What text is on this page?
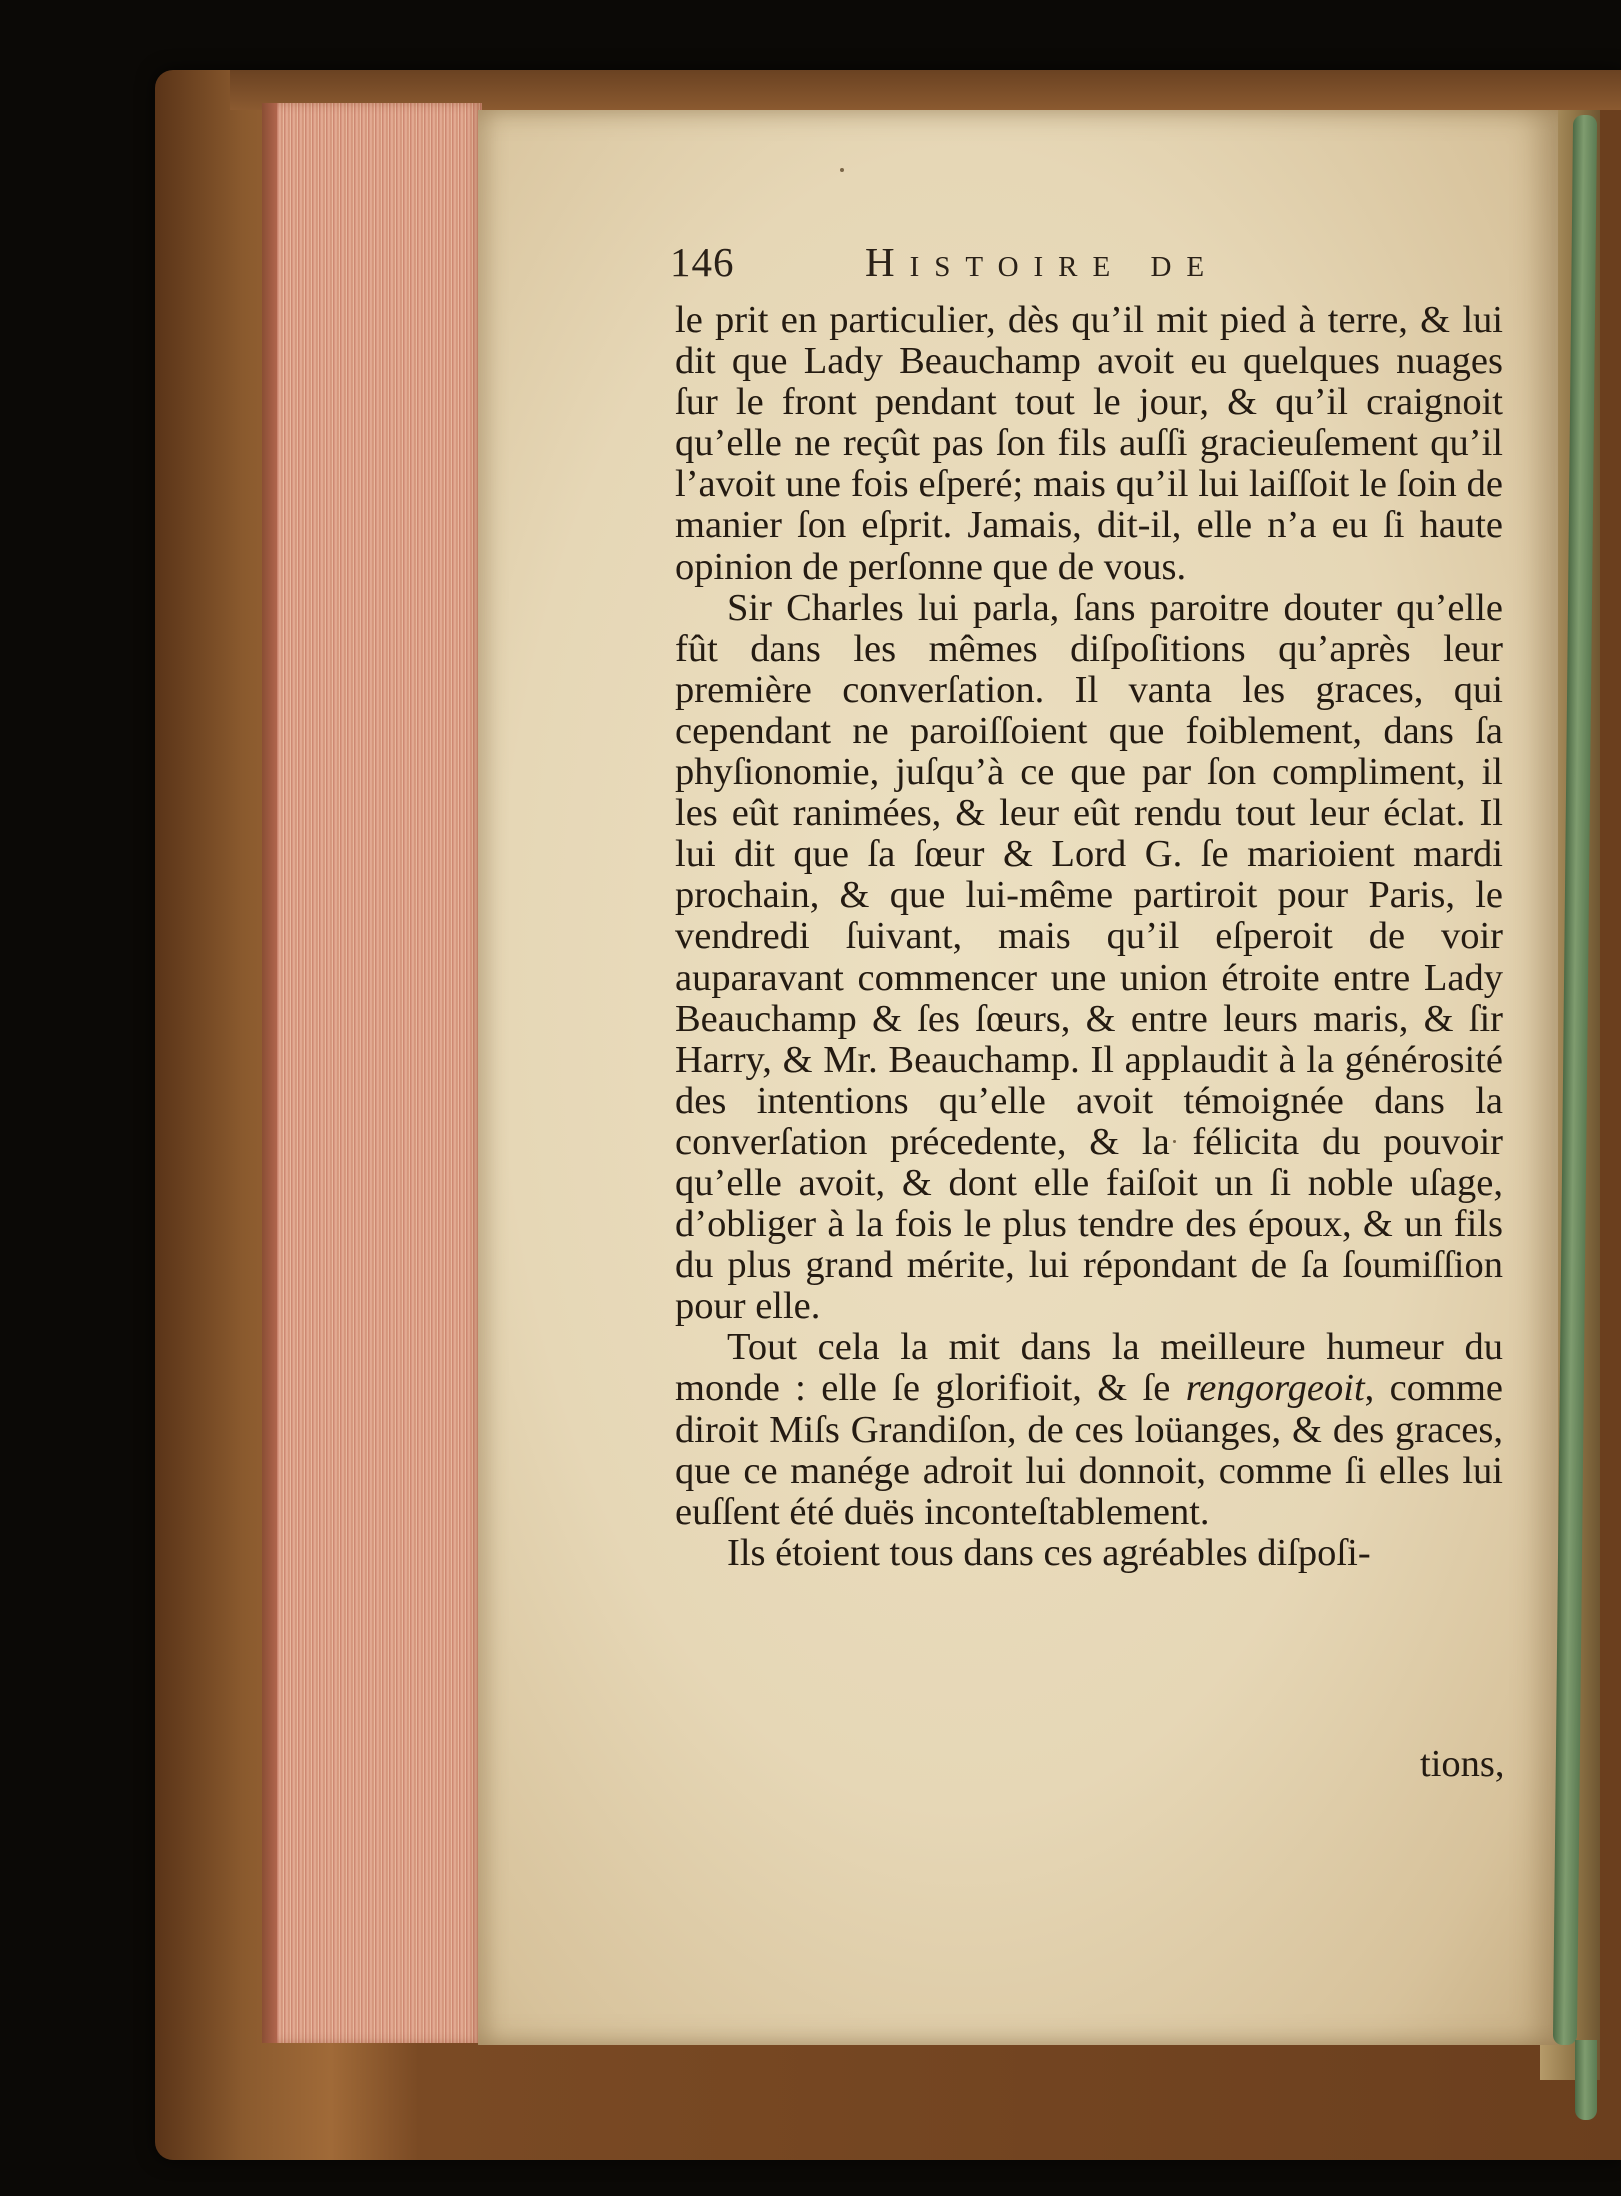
146	Histoire de

le prit en particulier, dès qu’il mit pied à terre, & lui dit que Lady Beauchamp avoit eu quelques nuages ſur le front pendant tout le jour, & qu’il craignoit qu’elle ne reçût pas ſon fils auſſi gracieuſement qu’il l’avoit une fois eſperé; mais qu’il lui laiſſoit le ſoin de manier ſon eſprit. Jamais, dit-il, elle n’a eu ſi haute opinion de perſonne que de vous.

Sir Charles lui parla, ſans paroitre douter qu’elle fût dans les mêmes diſpoſitions qu’après leur première converſation. Il vanta les graces, qui cependant ne paroiſſoient que foiblement, dans ſa phyſionomie, juſqu’à ce que par ſon compliment, il les eût ranimées, & leur eût rendu tout leur éclat. Il lui dit que ſa ſœur & Lord G. ſe marioient mardi prochain, & que lui-même partiroit pour Paris, le vendredi ſuivant, mais qu’il eſperoit de voir auparavant commencer une union étroite entre Lady Beauchamp & ſes ſœurs, & entre leurs maris, & ſir Harry, & Mr. Beauchamp. Il applaudit à la générosité des intentions qu’elle avoit témoignée dans la converſation précedente, & la félicita du pouvoir qu’elle avoit, & dont elle faiſoit un ſi noble uſage, d’obliger à la fois le plus tendre des époux, & un fils du plus grand mérite, lui répondant de ſa ſoumiſſion pour elle.

Tout cela la mit dans la meilleure humeur du monde : elle ſe glorifioit, & ſe rengorgeoit, comme diroit Miſs Grandiſon, de ces loüanges, & des graces, que ce manége adroit lui donnoit, comme ſi elles lui euſſent été duës inconteſtablement.

Ils étoient tous dans ces agréables diſpoſi-

tions,
